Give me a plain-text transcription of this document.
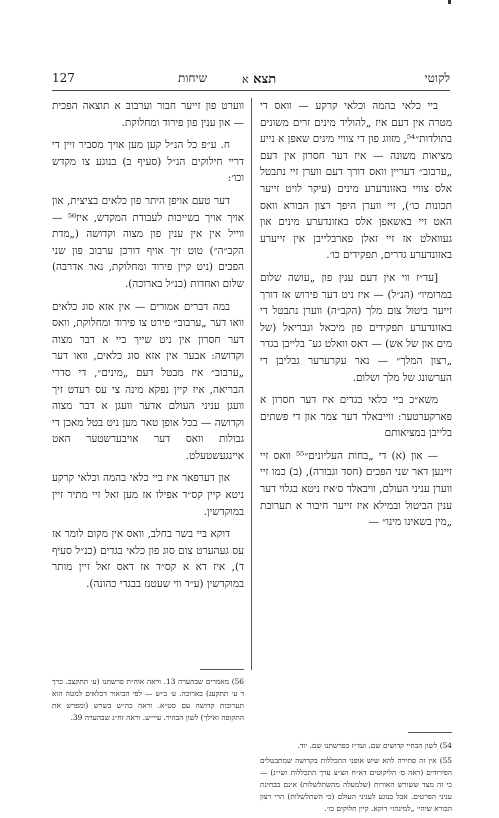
127	שיחות	תצא א	לקוטי

ביי כלאי בהמה וכלאי קרקע — וואס די מטרה אין דעם איז „להוליד מינים זרים משונים בתולדות״⁵⁴, מזווג פון די צוויי מינים שאפן א נייע מציאות משונה — איז דער חסרון אין דעם „ערבוב״ דעריין וואס דורך דעם ווערן זיי נתבטל אלס צוויי באזונדערע מינים (עיקר לויט זייער תכונות כו׳), זיי ווערן היפך רצון הבורא וואס האט זיי באשאפן אלס באזונדערע מינים און געוואלט אז זיי זאלן פארבלייבן אין זייערע באזונדערע גדרים, תפקידים כו׳.

[עד״ז ווי אין דעם ענין פון „עושה שלום במרומיו״ (הנ״ל) — איז ניט דער פירוש אז דורך זייער ביטול צום מלך (הקב״ה) ווערן נתבטל די באזונדערע תפקידים פון מיכאל וגבריאל (של מים און של אש) — דאס וואלט גע־ בלייבן בגדר „רצון המלך״ — נאר עקרערער גבליבן די הערשונג של מלך ושלום.

משא״כ ביי כלאי בגדים איז דער חסרון א פארקערטער: ווייבאלד דער צמר און די פשתים בלייבן במציאותם

— און (א) די „בחות העליונים״⁵⁵ וואס זיי זיינען דאר שני הפכים (חסד וגבורה), (ב) כמו זיי ווערן עניני העולם, וויבאלד ס׳איז ניטא בגלוי דער ענין הביטול ובמילא איז זייער חיבור א תערובת „מין בשאינו מינו״ —

ווערט פון זייער חבור וערבוב א תוצאה הפכית — און ענין פון פירוד ומחלוקת.

ח. ע״פ כל הנ״ל קען מען אויך מסביר זיין די דריי חילוקים הנ״ל (סעיף ב) בנוגע צו מקדש וכו׳:

דער טעם אויפן היתר פון כלאים בציצית, און אויך אויך בשייכות לעבודת המקדש, איז⁵⁶ — ווייל אין אין ענין פון מצוה וקדושה („מדת הקב״ה״) טוט זיך אויף דורכן ערבוב פון שני הפכים (ניט קיין פירוד ומחלוקת, נאר אדרבה) שלום ואחדות (כנ״ל בארוכה).

במה דברים אמורים — אין אזא סוג כלאים וואו דער „ערבוב״ פירט צו פירוד ומחלוקת, וואס דער חסרון אין ניט שייך ביי א דבר מצוה וקדושה: אבער אין אזא סוג כלאים, וואו דער „ערבוב״ איז מבטל דעם „מינים״, די סדרי הבריאה, איז קיין נפקא מינה צי עס רעדט זיך וועגן עניני העולם אדער וועגן א דבר מצוה וקדושה — בכל אופן טאר מען ניט בטל מאכן די גבולות וואס דער אויבערשטער האט איינגעשטעלט.

און דערפאר איז ביי כלאי בהמה וכלאי קרקע ניטא קיין קס״ד אפילו אז מען זאל זיי מתיר זיין במוקדשין.

דוקא ביי בשר בחלב, וואס אין מקום לומר אז עס געהערט צום סוג פון כלאי בגדים (כנ״ל סעיף ד), איז דא א קס״ד אז דאס זאל זיין מותר במוקדשין (ע״ד ווי שעטנז בבגדי כהונה).

56) מאמרים שבהערה 13. וראה אוה״ת פרשתנו (ע׳ תתקצב. כרך ד ע׳ תתקעג) בארוכה. ע׳ ב״ש — לפי הביאור דכלאים למטה הוא תערובות קדושה עם סט״א. וראה כה״ש בשרש (ומפרש את התקופה ואילך) לשון הבהיר. עיי״ש. וראה זח״ג שבהערה 39.

54) לשון הבחיי קדושים שם. ועד״ז בפרשתנו שם. יוד.

55) אין זה סתירה להא שיש אופני התכללות בקדושה שמתבטלים הפירודים (ראה ס׳ הליקוטים דא״ח הצ״צ ערך התכללות ושי״נ) — כי זה מצד ששורש האורות (שלמעלה מהשתלשלות) אינם בבחינת עניני הפרטים. אבל בנוגע לעניני העולם (כי השתלשלות) הרי רצון הבורא שיהי׳ „למינהו״ דוקא. קיין חלוקים כו׳.
